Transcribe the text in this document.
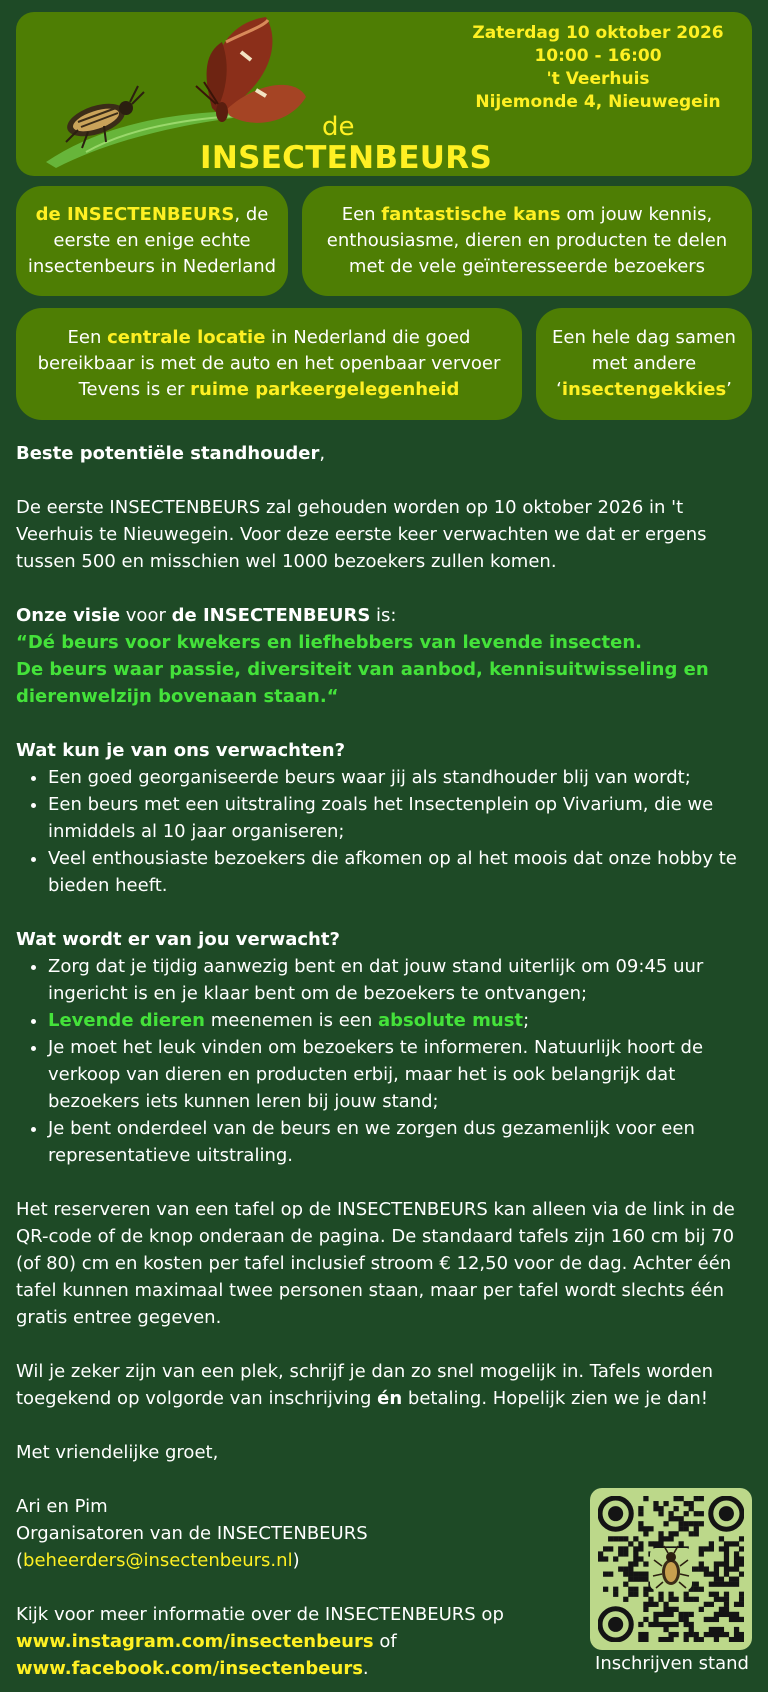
de
INSECTENBEURS
Zaterdag 10 oktober 2026
10:00 - 16:00
't Veerhuis
Nijemonde 4, Nieuwegein
de INSECTENBEURS, de eerste en enige echte insectenbeurs in Nederland
Een fantastische kans om jouw kennis, enthousiasme, dieren en producten te delen met de vele geïnteresseerde bezoekers
Een centrale locatie in Nederland die goed bereikbaar is met de auto en het openbaar vervoer Tevens is er ruime parkeergelegenheid
Een hele dag samen met andere ‘insectengekkies’

Beste potentiële standhouder,

De eerste INSECTENBEURS zal gehouden worden op 10 oktober 2026 in 't Veerhuis te Nieuwegein. Voor deze eerste keer verwachten we dat er ergens tussen 500 en misschien wel 1000 bezoekers zullen komen.

Onze visie voor de INSECTENBEURS is:

“Dé beurs voor kwekers en liefhebbers van levende insecten.

De beurs waar passie, diversiteit van aanbod, kennisuitwisseling en dierenwelzijn bovenaan staan.“

Wat kun je van ons verwachten?

• Een goed georganiseerde beurs waar jij als standhouder blij van wordt;
• Een beurs met een uitstraling zoals het Insectenplein op Vivarium, die we inmiddels al 10 jaar organiseren;
• Veel enthousiaste bezoekers die afkomen op al het moois dat onze hobby te bieden heeft.

Wat wordt er van jou verwacht?

• Zorg dat je tijdig aanwezig bent en dat jouw stand uiterlijk om 09:45 uur ingericht is en je klaar bent om de bezoekers te ontvangen;
• Levende dieren meenemen is een absolute must;
• Je moet het leuk vinden om bezoekers te informeren. Natuurlijk hoort de verkoop van dieren en producten erbij, maar het is ook belangrijk dat bezoekers iets kunnen leren bij jouw stand;
• Je bent onderdeel van de beurs en we zorgen dus gezamenlijk voor een representatieve uitstraling.

Het reserveren van een tafel op de INSECTENBEURS kan alleen via de link in de QR-code of de knop onderaan de pagina. De standaard tafels zijn 160 cm bij 70 (of 80) cm en kosten per tafel inclusief stroom € 12,50 voor de dag. Achter één tafel kunnen maximaal twee personen staan, maar per tafel wordt slechts één gratis entree gegeven.

Wil je zeker zijn van een plek, schrijf je dan zo snel mogelijk in. Tafels worden toegekend op volgorde van inschrijving én betaling. Hopelijk zien we je dan!

Met vriendelijke groet,

Ari en Pim

Organisatoren van de INSECTENBEURS

(beheerders@insectenbeurs.nl)

Kijk voor meer informatie over de INSECTENBEURS op

www.instagram.com/insectenbeurs of

www.facebook.com/insectenbeurs.	Inschrijven stand
